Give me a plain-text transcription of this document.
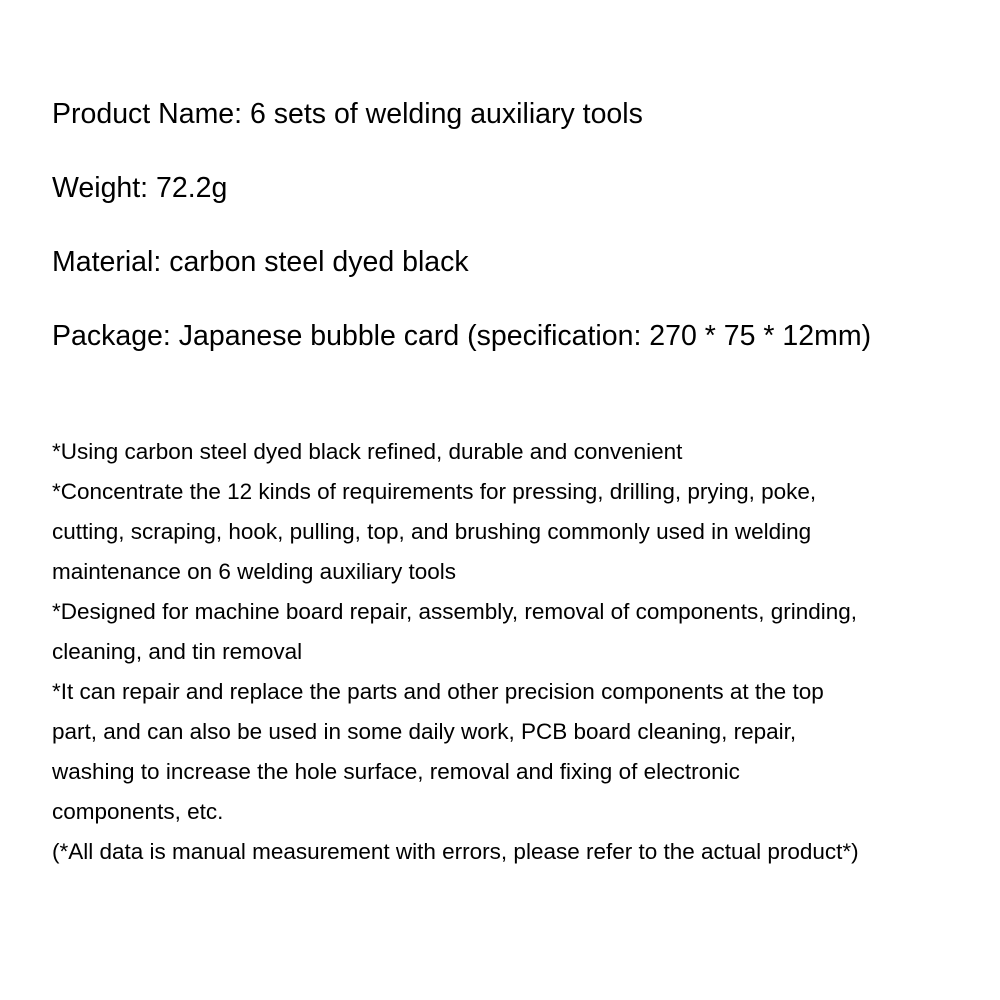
Product Name: 6 sets of welding auxiliary tools
Weight: 72.2g
Material: carbon steel dyed black
Package: Japanese bubble card (specification: 270 * 75 * 12mm)

*Using carbon steel dyed black refined, durable and convenient

*Concentrate the 12 kinds of requirements for pressing, drilling, prying, poke,

cutting, scraping, hook, pulling, top, and brushing commonly used in welding

maintenance on 6 welding auxiliary tools

*Designed for machine board repair, assembly, removal of components, grinding,

cleaning, and tin removal

*It can repair and replace the parts and other precision components at the top

part, and can also be used in some daily work, PCB board cleaning, repair,

washing to increase the hole surface, removal and fixing of electronic

components, etc.

(*All data is manual measurement with errors, please refer to the actual product*)
